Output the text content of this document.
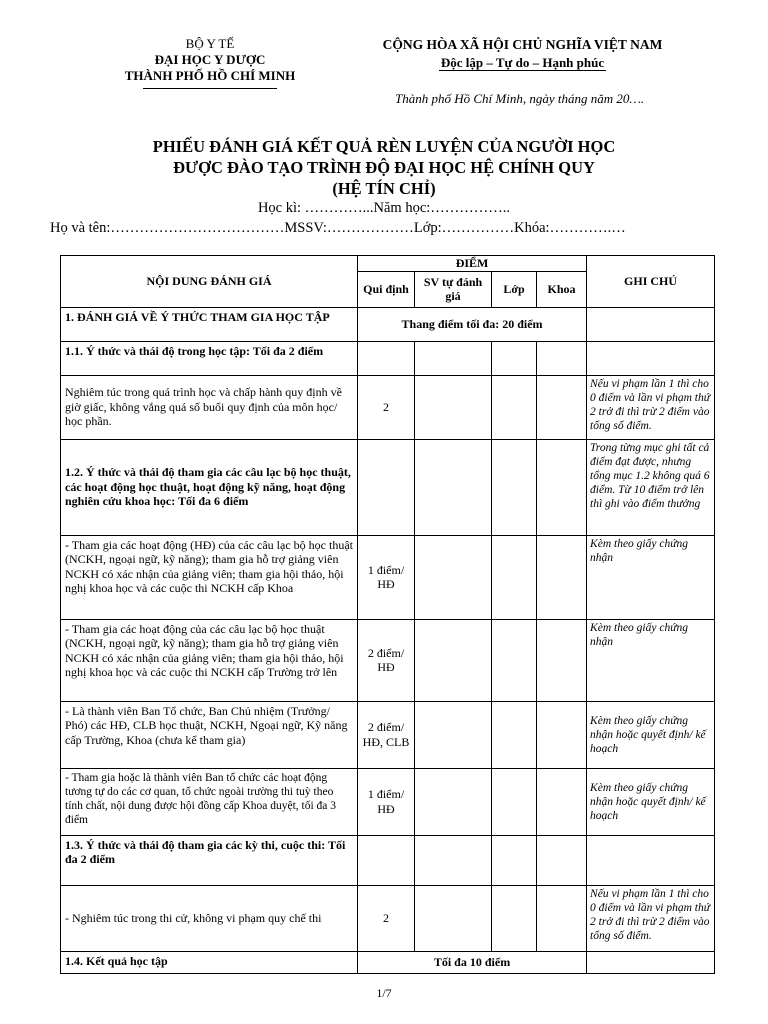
BỘ Y TẾ
ĐẠI HỌC Y DƯỢC
THÀNH PHỐ HỒ CHÍ MINH
CỘNG HÒA XÃ HỘI CHỦ NGHĨA VIỆT NAM
Độc lập – Tự do – Hạnh phúc
Thành phố Hồ Chí Minh, ngày tháng năm 20….
PHIẾU ĐÁNH GIÁ KẾT QUẢ RÈN LUYỆN CỦA NGƯỜI HỌC
ĐƯỢC ĐÀO TẠO TRÌNH ĐỘ ĐẠI HỌC HỆ CHÍNH QUY
(HỆ TÍN CHỈ)
Học kì: …………...Năm học:……………..
Họ và tên:………………………………MSSV:………………Lớp:……………Khóa:………….…
NỘI DUNG ĐÁNH GIÁ	ĐIỂM				GHI CHÚ
	Qui định	SV tự đánh giá	Lớp	Khoa	
1. ĐÁNH GIÁ VỀ Ý THỨC THAM GIA HỌC TẬP	Thang điểm tối đa: 20 điểm				
1.1. Ý thức và thái độ trong học tập: Tối đa 2 điểm					
Nghiêm túc trong quá trình học và chấp hành quy định về giờ giấc, không vắng quá số buổi quy định của môn học/ học phần.	2				Nếu vi phạm lần 1 thì cho 0 điểm và lần vi phạm thứ 2 trở đi thì trừ 2 điểm vào tổng số điểm.
1.2. Ý thức và thái độ tham gia các câu lạc bộ học thuật, các hoạt động học thuật, hoạt động kỹ năng, hoạt động nghiên cứu khoa học: Tối đa 6 điểm					Trong từng mục ghi tất cả điểm đạt được, nhưng tổng mục 1.2 không quá 6 điểm. Từ 10 điểm trở lên thì ghi vào điểm thưởng
- Tham gia các hoạt động (HĐ) của các câu lạc bộ học thuật (NCKH, ngoại ngữ, kỹ năng); tham gia hỗ trợ giảng viên NCKH có xác nhận của giảng viên; tham gia hội thảo, hội nghị khoa học và các cuộc thi NCKH cấp Khoa	1 điểm/ HĐ				Kèm theo giấy chứng nhận
- Tham gia các hoạt động của các câu lạc bộ học thuật (NCKH, ngoại ngữ, kỹ năng); tham gia hỗ trợ giảng viên NCKH có xác nhận của giảng viên; tham gia hội thảo, hội nghị khoa học và các cuộc thi NCKH cấp Trường trở lên	2 điểm/ HĐ				Kèm theo giấy chứng nhận
- Là thành viên Ban Tổ chức, Ban Chủ nhiệm (Trưởng/ Phó) các HĐ, CLB học thuật, NCKH, Ngoại ngữ, Kỹ năng cấp Trường, Khoa (chưa kể tham gia)	2 điểm/ HĐ, CLB				Kèm theo giấy chứng nhận hoặc quyết định/ kế hoạch
- Tham gia hoặc là thành viên Ban tổ chức các hoạt động tương tự do các cơ quan, tổ chức ngoài trường thi tuỳ theo tính chất, nội dung được hội đồng cấp Khoa duyệt, tối đa 3 điểm	1 điểm/ HĐ				Kèm theo giấy chứng nhận hoặc quyết định/ kế hoạch
1.3. Ý thức và thái độ tham gia các kỳ thi, cuộc thi: Tối đa 2 điểm					
- Nghiêm túc trong thi cử, không vi phạm quy chế thi	2				Nếu vi phạm lần 1 thì cho 0 điểm và lần vi phạm thứ 2 trở đi thì trừ 2 điểm vào tổng số điểm.
1.4. Kết quả học tập	Tối đa 10 điểm				
1/7
